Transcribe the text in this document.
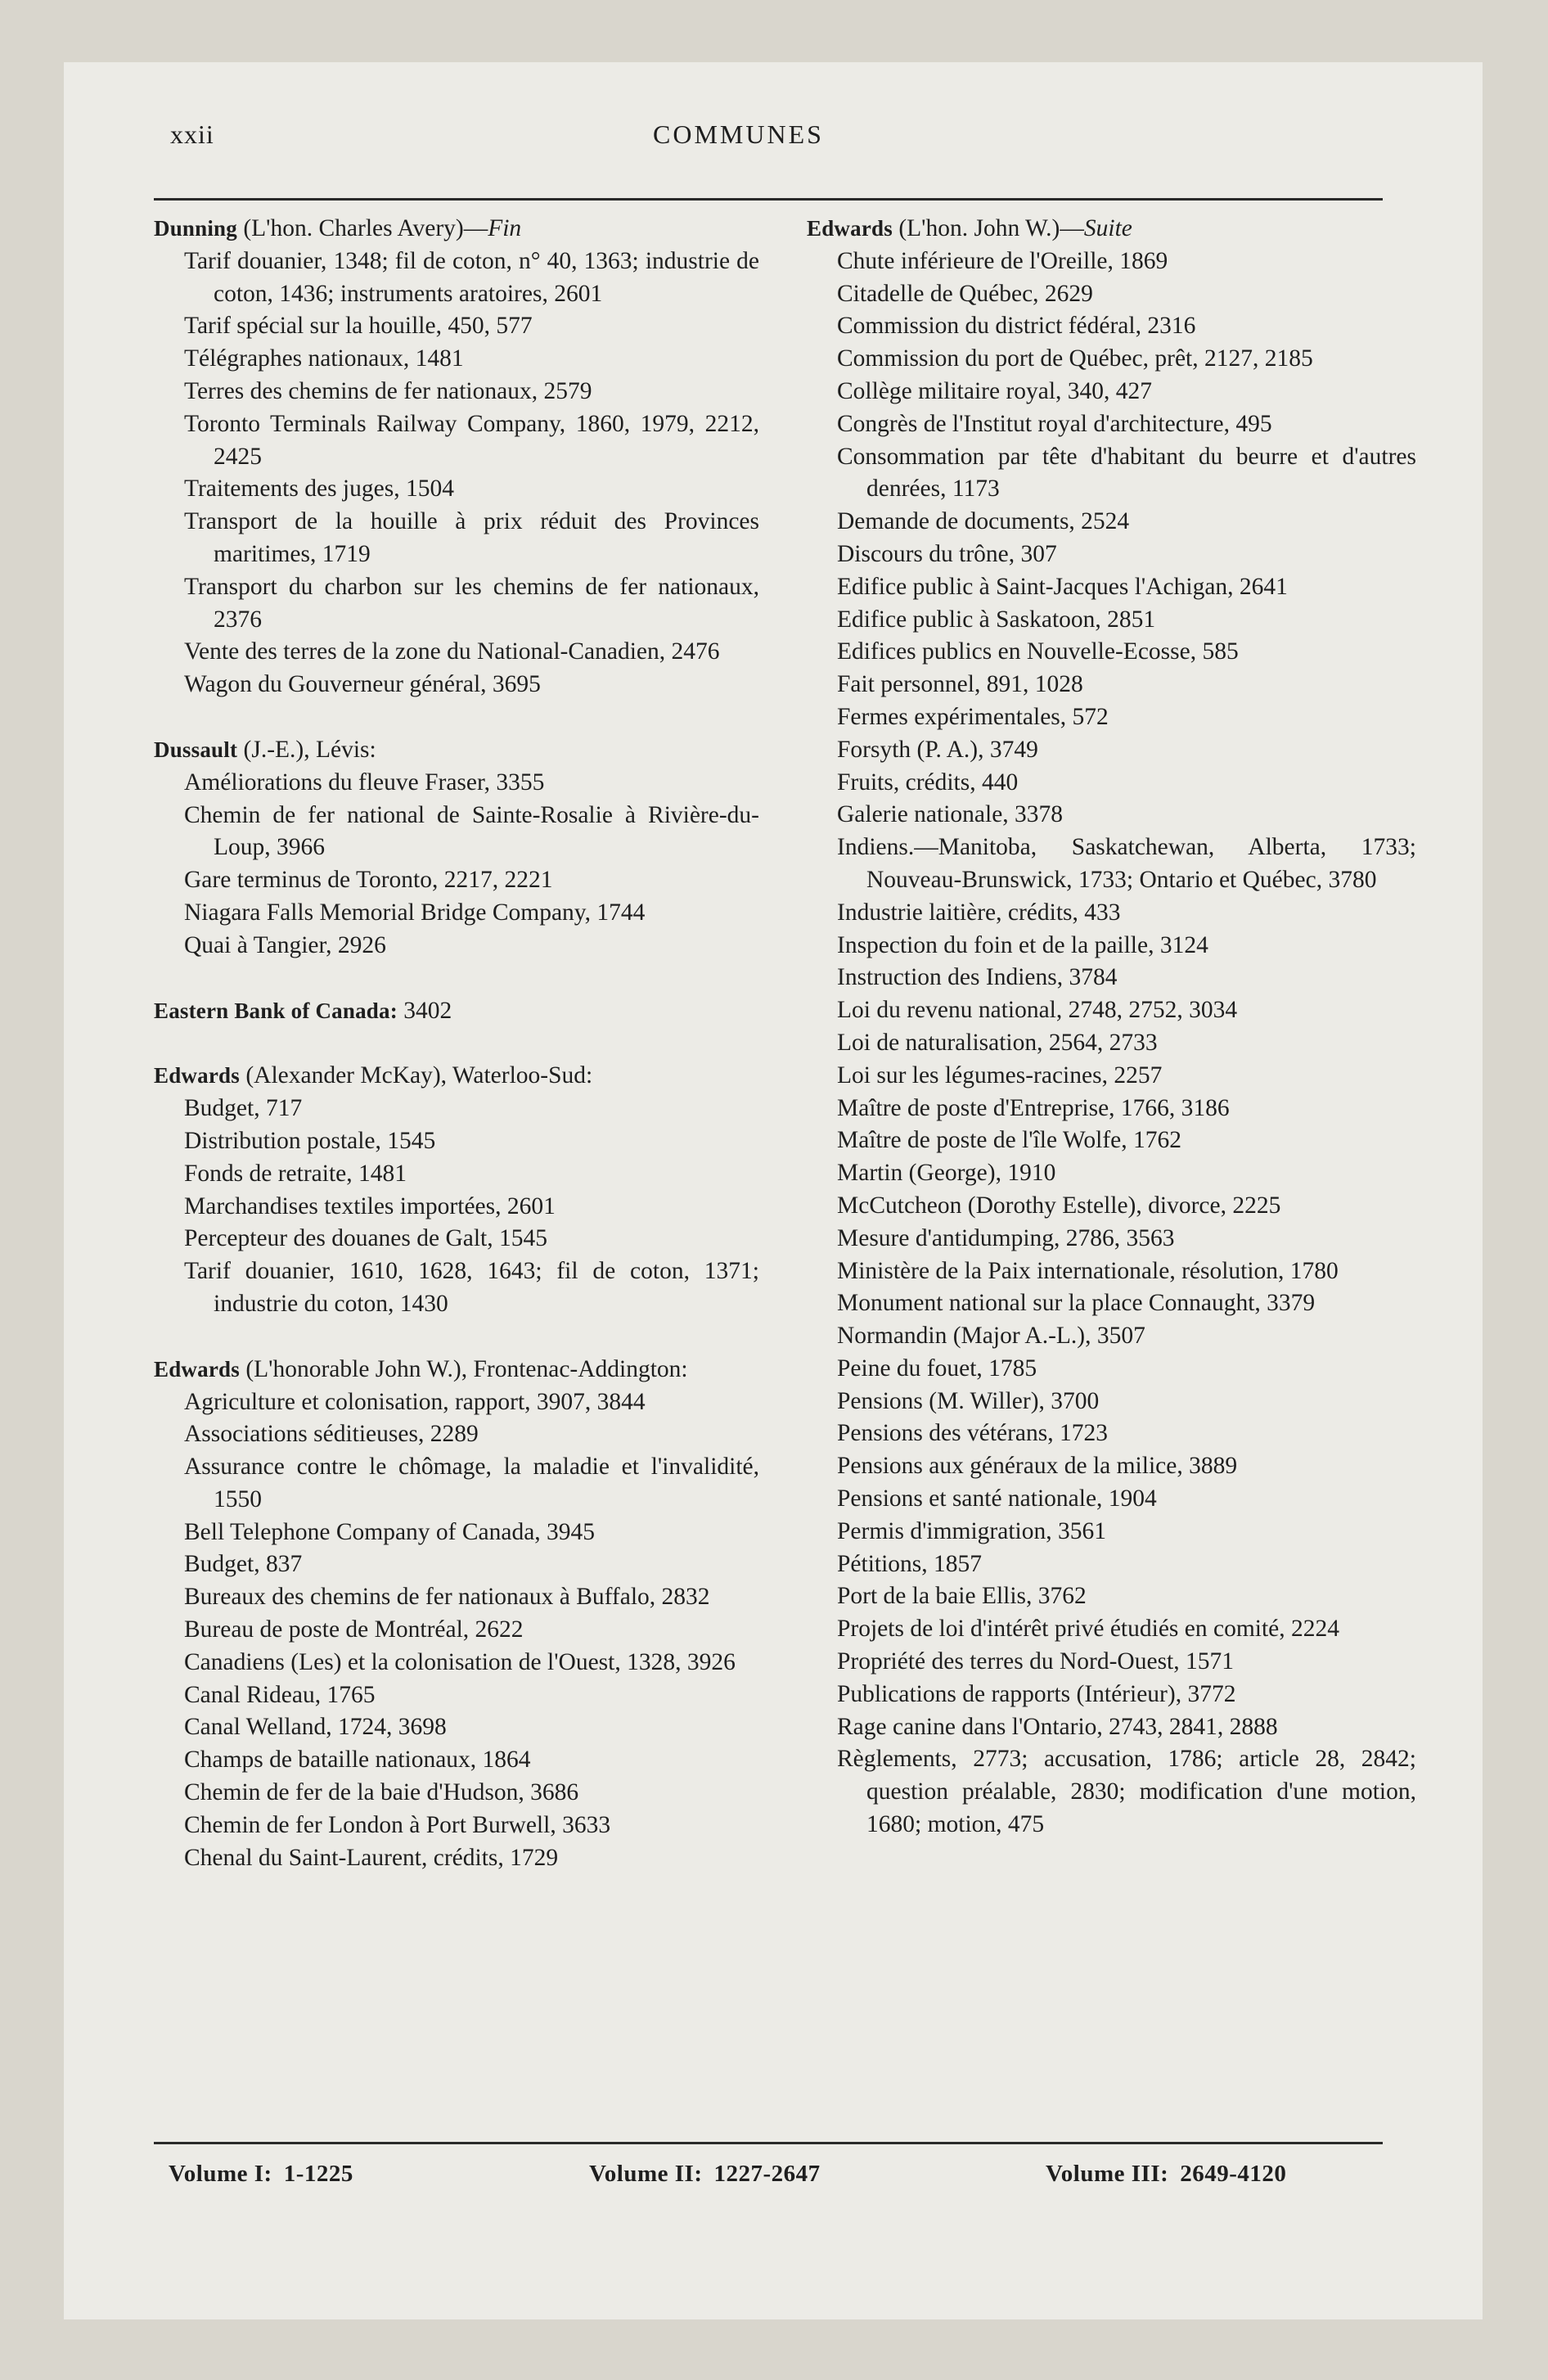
xxii	COMMUNES
Dunning (L'hon. Charles Avery)—Fin
Tarif douanier, 1348; fil de coton, n° 40, 1363; industrie de coton, 1436; instruments aratoires, 2601
Tarif spécial sur la houille, 450, 577
Télégraphes nationaux, 1481
Terres des chemins de fer nationaux, 2579
Toronto Terminals Railway Company, 1860, 1979, 2212, 2425
Traitements des juges, 1504
Transport de la houille à prix réduit des Provinces maritimes, 1719
Transport du charbon sur les chemins de fer nationaux, 2376
Vente des terres de la zone du National-Canadien, 2476
Wagon du Gouverneur général, 3695
Dussault (J.-E.), Lévis:
Améliorations du fleuve Fraser, 3355
Chemin de fer national de Sainte-Rosalie à Rivière-du-Loup, 3966
Gare terminus de Toronto, 2217, 2221
Niagara Falls Memorial Bridge Company, 1744
Quai à Tangier, 2926
Eastern Bank of Canada: 3402
Edwards (Alexander McKay), Waterloo-Sud:
Budget, 717
Distribution postale, 1545
Fonds de retraite, 1481
Marchandises textiles importées, 2601
Percepteur des douanes de Galt, 1545
Tarif douanier, 1610, 1628, 1643; fil de coton, 1371; industrie du coton, 1430
Edwards (L'honorable John W.), Frontenac-Addington:
Agriculture et colonisation, rapport, 3907, 3844
Associations séditieuses, 2289
Assurance contre le chômage, la maladie et l'invalidité, 1550
Bell Telephone Company of Canada, 3945
Budget, 837
Bureaux des chemins de fer nationaux à Buffalo, 2832
Bureau de poste de Montréal, 2622
Canadiens (Les) et la colonisation de l'Ouest, 1328, 3926
Canal Rideau, 1765
Canal Welland, 1724, 3698
Champs de bataille nationaux, 1864
Chemin de fer de la baie d'Hudson, 3686
Chemin de fer London à Port Burwell, 3633
Chenal du Saint-Laurent, crédits, 1729
Edwards (L'hon. John W.)—Suite
Chute inférieure de l'Oreille, 1869
Citadelle de Québec, 2629
Commission du district fédéral, 2316
Commission du port de Québec, prêt, 2127, 2185
Collège militaire royal, 340, 427
Congrès de l'Institut royal d'architecture, 495
Consommation par tête d'habitant du beurre et d'autres denrées, 1173
Demande de documents, 2524
Discours du trône, 307
Edifice public à Saint-Jacques l'Achigan, 2641
Edifice public à Saskatoon, 2851
Edifices publics en Nouvelle-Ecosse, 585
Fait personnel, 891, 1028
Fermes expérimentales, 572
Forsyth (P. A.), 3749
Fruits, crédits, 440
Galerie nationale, 3378
Indiens.—Manitoba, Saskatchewan, Alberta, 1733; Nouveau-Brunswick, 1733; Ontario et Québec, 3780
Industrie laitière, crédits, 433
Inspection du foin et de la paille, 3124
Instruction des Indiens, 3784
Loi du revenu national, 2748, 2752, 3034
Loi de naturalisation, 2564, 2733
Loi sur les légumes-racines, 2257
Maître de poste d'Entreprise, 1766, 3186
Maître de poste de l'île Wolfe, 1762
Martin (George), 1910
McCutcheon (Dorothy Estelle), divorce, 2225
Mesure d'antidumping, 2786, 3563
Ministère de la Paix internationale, résolution, 1780
Monument national sur la place Connaught, 3379
Normandin (Major A.-L.), 3507
Peine du fouet, 1785
Pensions (M. Willer), 3700
Pensions des vétérans, 1723
Pensions aux généraux de la milice, 3889
Pensions et santé nationale, 1904
Permis d'immigration, 3561
Pétitions, 1857
Port de la baie Ellis, 3762
Projets de loi d'intérêt privé étudiés en comité, 2224
Propriété des terres du Nord-Ouest, 1571
Publications de rapports (Intérieur), 3772
Rage canine dans l'Ontario, 2743, 2841, 2888
Règlements, 2773; accusation, 1786; article 28, 2842; question préalable, 2830; modification d'une motion, 1680; motion, 475
Volume I: 1-1225	Volume II: 1227-2647	Volume III: 2649-4120
